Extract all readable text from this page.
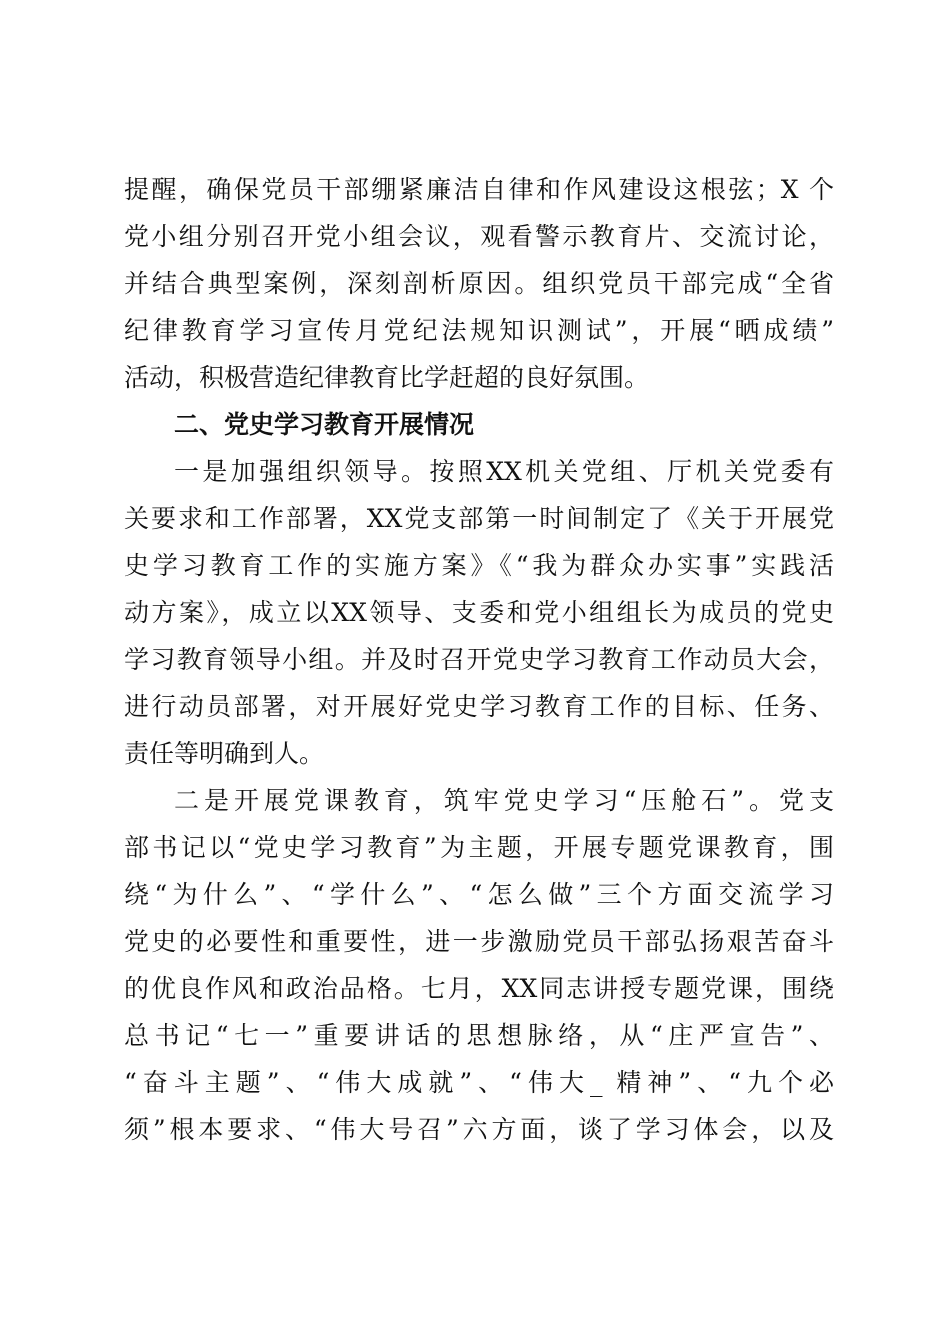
提醒，确保党员干部绷紧廉洁自律和作风建设这根弦；X 个
党小组分别召开党小组会议，观看警示教育片、交流讨论，
并结合典型案例，深刻剖析原因。组织党员干部完成“全省
纪律教育学习宣传月党纪法规知识测试”，开展“晒成绩”
活动，积极营造纪律教育比学赶超的良好氛围。
二、党史学习教育开展情况
一是加强组织领导。按照XX机关党组、厅机关党委有
关要求和工作部署，XX党支部第一时间制定了《关于开展党
史学习教育工作的实施方案》《“我为群众办实事”实践活
动方案》，成立以XX领导、支委和党小组组长为成员的党史
学习教育领导小组。并及时召开党史学习教育工作动员大会，
进行动员部署，对开展好党史学习教育工作的目标、任务、
责任等明确到人。
二是开展党课教育，筑牢党史学习“压舱石”。党支
部书记以“党史学习教育”为主题，开展专题党课教育，围
绕“为什么”、“学什么”、“怎么做”三个方面交流学习
党史的必要性和重要性，进一步激励党员干部弘扬艰苦奋斗
的优良作风和政治品格。七月，XX同志讲授专题党课，围绕
总书记“七一”重要讲话的思想脉络，从“庄严宣告”、
“奋斗主题”、“伟大成就”、“伟大_ 精神”、“九个必
须”根本要求、“伟大号召”六方面，谈了学习体会，以及
